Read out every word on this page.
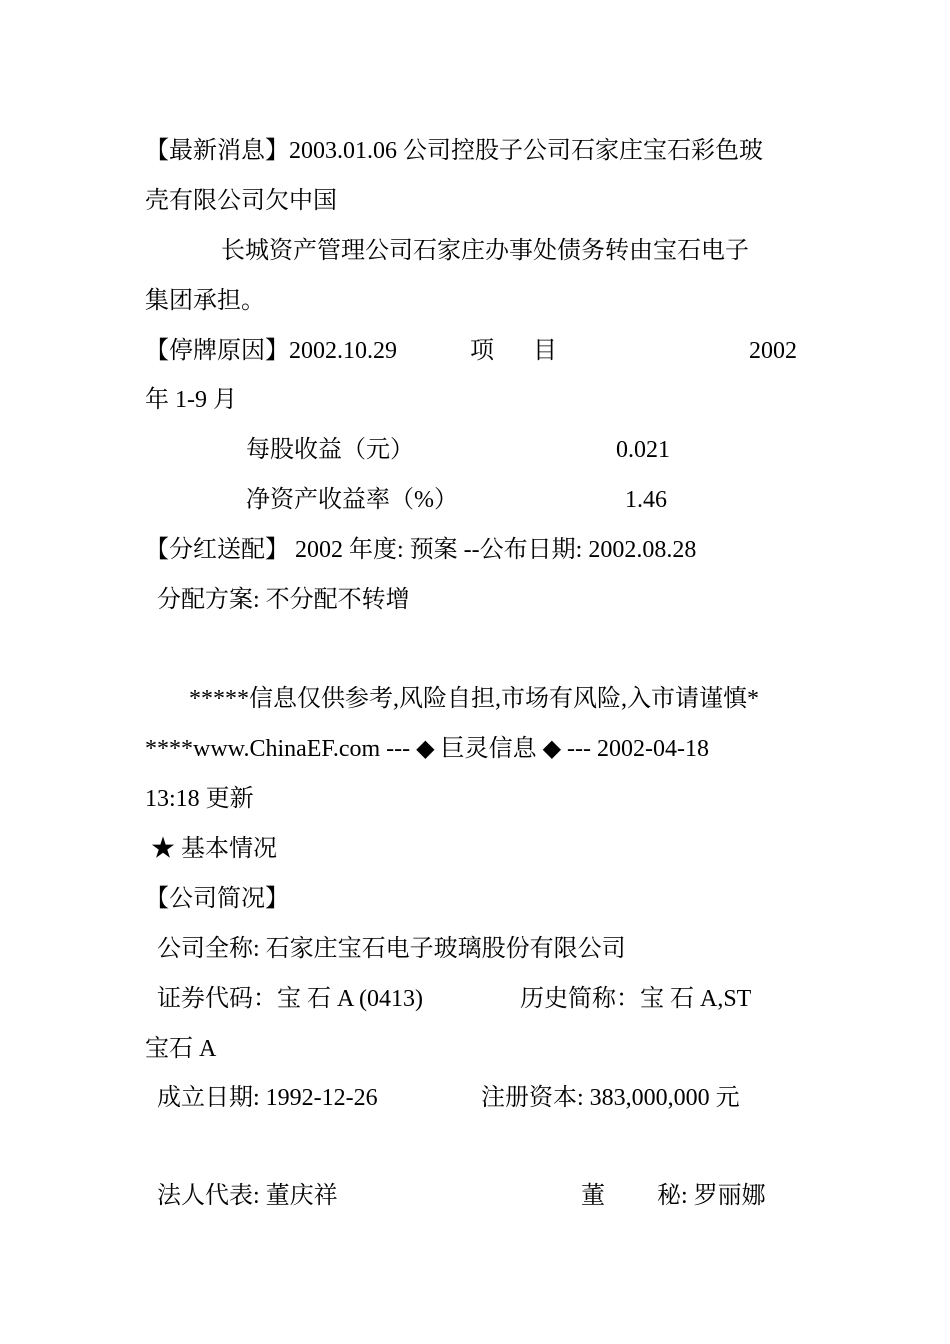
【最新消息】2003.01.06 公司控股子公司石家庄宝石彩色玻
壳有限公司欠中国
长城资产管理公司石家庄办事处债务转由宝石电子
集团承担。
【停牌原因】2002.10.29	项 目	2002
年 1-9 月
每股收益（元）	0.021
净资产收益率（%）	1.46
【分红送配】 2002 年度: 预案 --公布日期: 2002.08.28
分配方案: 不分配不转增
*****信息仅供参考,风险自担,市场有风险,入市请谨慎*
****www.ChinaEF.com --- ◆ 巨灵信息 ◆ --- 2002-04-18
13:18 更新
★ 基本情况
【公司简况】
公司全称: 石家庄宝石电子玻璃股份有限公司
证券代码：宝 石 A (0413)	历史简称：宝 石 A,ST
宝石 A
成立日期: 1992-12-26	注册资本: 383,000,000 元
法人代表: 董庆祥	董 秘: 罗丽娜
